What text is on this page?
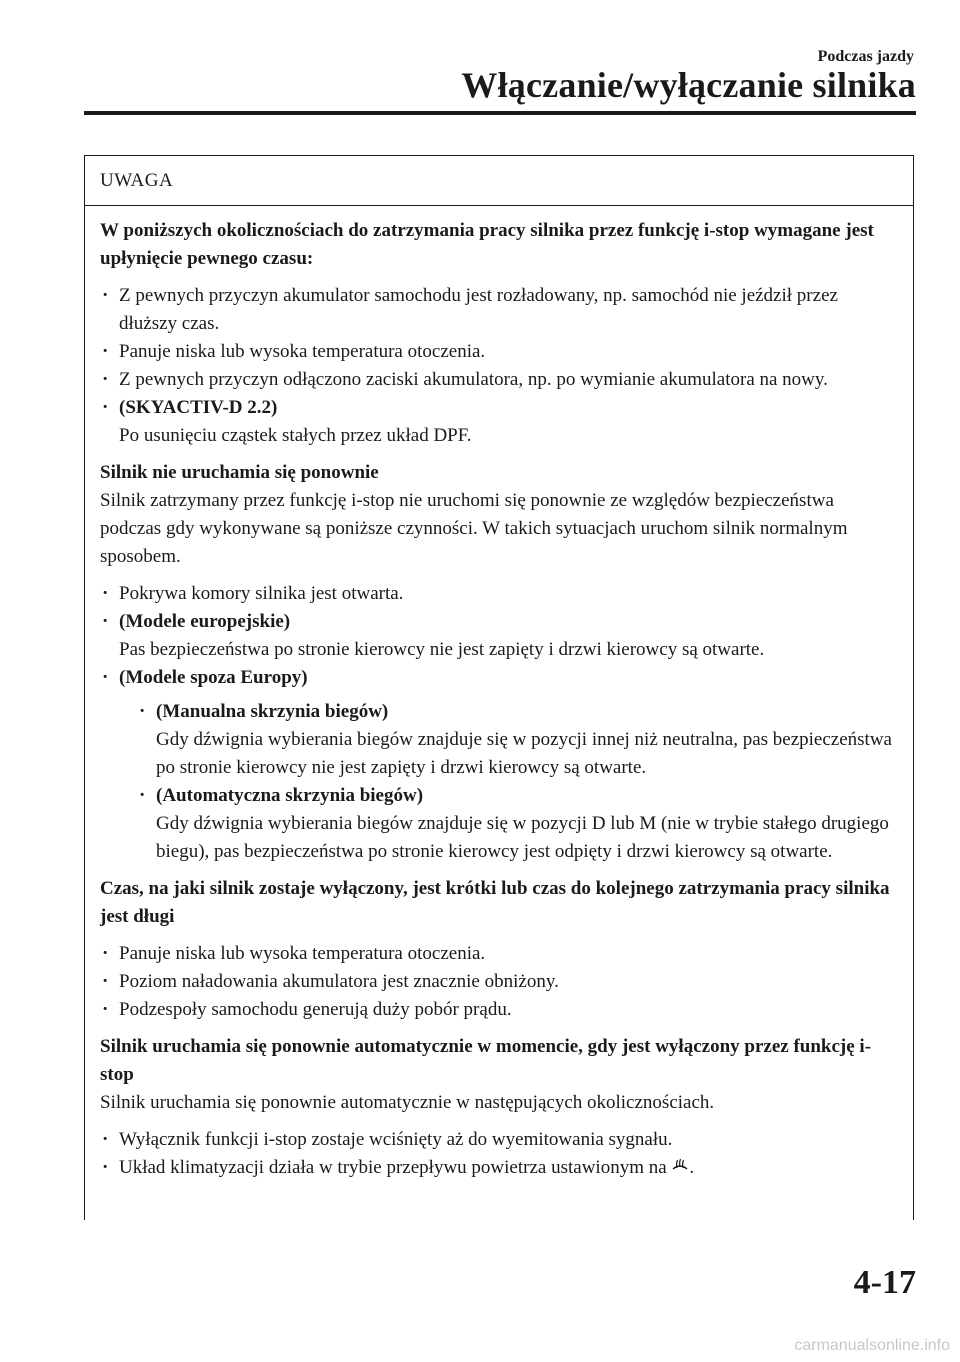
Podczas jazdy
Włączanie/wyłączanie silnika
UWAGA

W poniższych okolicznościach do zatrzymania pracy silnika przez funkcję i-stop wymagane jest upłynięcie pewnego czasu:

· Z pewnych przyczyn akumulator samochodu jest rozładowany, np. samochód nie jeździł przez dłuższy czas.

· Panuje niska lub wysoka temperatura otoczenia.

· Z pewnych przyczyn odłączono zaciski akumulatora, np. po wymianie akumulatora na nowy.

· (SKYACTIV-D 2.2)
Po usunięciu cząstek stałych przez układ DPF.

Silnik nie uruchamia się ponownie

Silnik zatrzymany przez funkcję i-stop nie uruchomi się ponownie ze względów bezpieczeństwa podczas gdy wykonywane są poniższe czynności. W takich sytuacjach uruchom silnik normalnym sposobem.

· Pokrywa komory silnika jest otwarta.

· (Modele europejskie)
Pas bezpieczeństwa po stronie kierowcy nie jest zapięty i drzwi kierowcy są otwarte.

· (Modele spoza Europy)

· (Manualna skrzynia biegów)
Gdy dźwignia wybierania biegów znajduje się w pozycji innej niż neutralna, pas bezpieczeństwa po stronie kierowcy nie jest zapięty i drzwi kierowcy są otwarte.

· (Automatyczna skrzynia biegów)
Gdy dźwignia wybierania biegów znajduje się w pozycji D lub M (nie w trybie stałego drugiego biegu), pas bezpieczeństwa po stronie kierowcy jest odpięty i drzwi kierowcy są otwarte.

Czas, na jaki silnik zostaje wyłączony, jest krótki lub czas do kolejnego zatrzymania pracy silnika jest długi

· Panuje niska lub wysoka temperatura otoczenia.

· Poziom naładowania akumulatora jest znacznie obniżony.

· Podzespoły samochodu generują duży pobór prądu.

Silnik uruchamia się ponownie automatycznie w momencie, gdy jest wyłączony przez funkcję i-stop

Silnik uruchamia się ponownie automatycznie w następujących okolicznościach.

· Wyłącznik funkcji i-stop zostaje wciśnięty aż do wyemitowania sygnału.

· Układ klimatyzacji działa w trybie przepływu powietrza ustawionym na .

4-17
carmanualsonline.info
